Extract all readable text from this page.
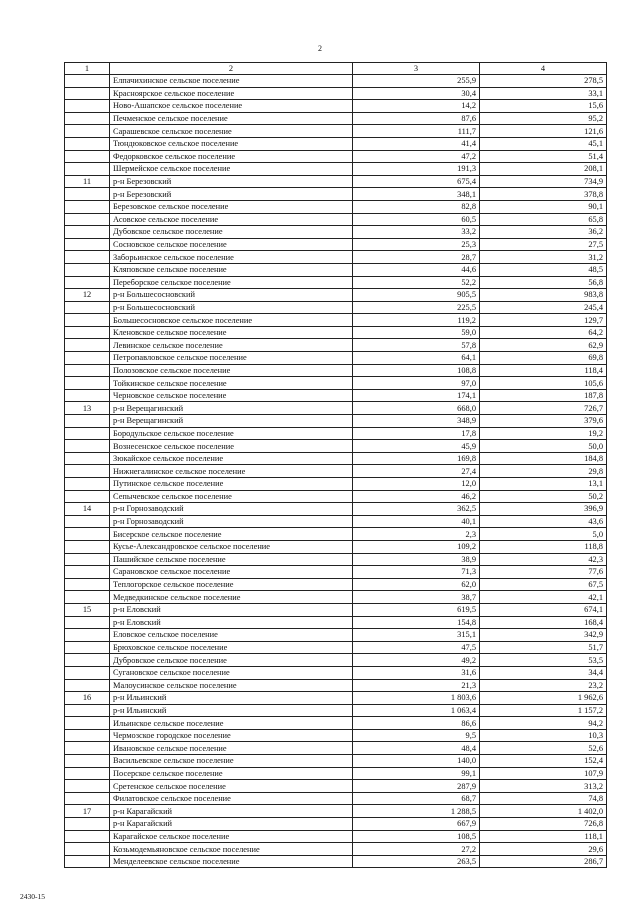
2
1	2	3	4
	Елпачихинское сельское поселение	255,9	278,5
	Красноярское сельское поселение	30,4	33,1
	Ново-Ашапское сельское поселение	14,2	15,6
	Печменское сельское поселение	87,6	95,2
	Сарашевское сельское поселение	111,7	121,6
	Тюндюковское сельское поселение	41,4	45,1
	Федорковское сельское поселение	47,2	51,4
	Шермейское сельское поселение	191,3	208,1
11	р-н Березовский	675,4	734,9
	р-н Березовский	348,1	378,8
	Березовское сельское поселение	82,8	90,1
	Асовское сельское поселение	60,5	65,8
	Дубовское сельское поселение	33,2	36,2
	Сосновское сельское поселение	25,3	27,5
	Заборьинское сельское поселение	28,7	31,2
	Кляповское сельское поселение	44,6	48,5
	Переборское сельское поселение	52,2	56,8
12	р-н Большесосновский	905,5	983,8
	р-н Большесосновский	225,5	245,4
	Большесосновское сельское поселение	119,2	129,7
	Кленовское сельское поселение	59,0	64,2
	Левинское сельское поселение	57,8	62,9
	Петропавловское сельское поселение	64,1	69,8
	Полозовское сельское поселение	108,8	118,4
	Тойкинское сельское поселение	97,0	105,6
	Черновское сельское поселение	174,1	187,8
13	р-н Верещагинский	668,0	726,7
	р-н Верещагинский	348,9	379,6
	Бородульское сельское поселение	17,8	19,2
	Вознесенское сельское поселение	45,9	50,0
	Зюкайское сельское поселение	169,8	184,8
	Нижнегалинское сельское поселение	27,4	29,8
	Путинское сельское поселение	12,0	13,1
	Сепычевское сельское поселение	46,2	50,2
14	р-н Горнозаводский	362,5	396,9
	р-н Горнозаводский	40,1	43,6
	Бисерское сельское поселение	2,3	5,0
	Кусье-Александровское сельское поселение	109,2	118,8
	Пашийское сельское поселение	38,9	42,3
	Сарановское сельское поселение	71,3	77,6
	Теплогорское сельское поселение	62,0	67,5
	Медведкинское сельское поселение	38,7	42,1
15	р-н Еловский	619,5	674,1
	р-н Еловский	154,8	168,4
	Еловское сельское поселение	315,1	342,9
	Брюховское сельское поселение	47,5	51,7
	Дубровское сельское поселение	49,2	53,5
	Сугановское сельское поселение	31,6	34,4
	Малоусинское сельское поселение	21,3	23,2
16	р-н Ильинский	1 803,6	1 962,6
	р-н Ильинский	1 063,4	1 157,2
	Ильинское сельское поселение	86,6	94,2
	Чермозское городское поселение	9,5	10,3
	Ивановское сельское поселение	48,4	52,6
	Васильевское сельское поселение	140,0	152,4
	Посерское сельское поселение	99,1	107,9
	Сретенское сельское поселение	287,9	313,2
	Филатовское сельское поселение	68,7	74,8
17	р-н Карагайский	1 288,5	1 402,0
	р-н Карагайский	667,9	726,8
	Карагайское сельское поселение	108,5	118,1
	Козьмодемьяновское сельское поселение	27,2	29,6
	Менделеевское сельское поселение	263,5	286,7
2430-15
